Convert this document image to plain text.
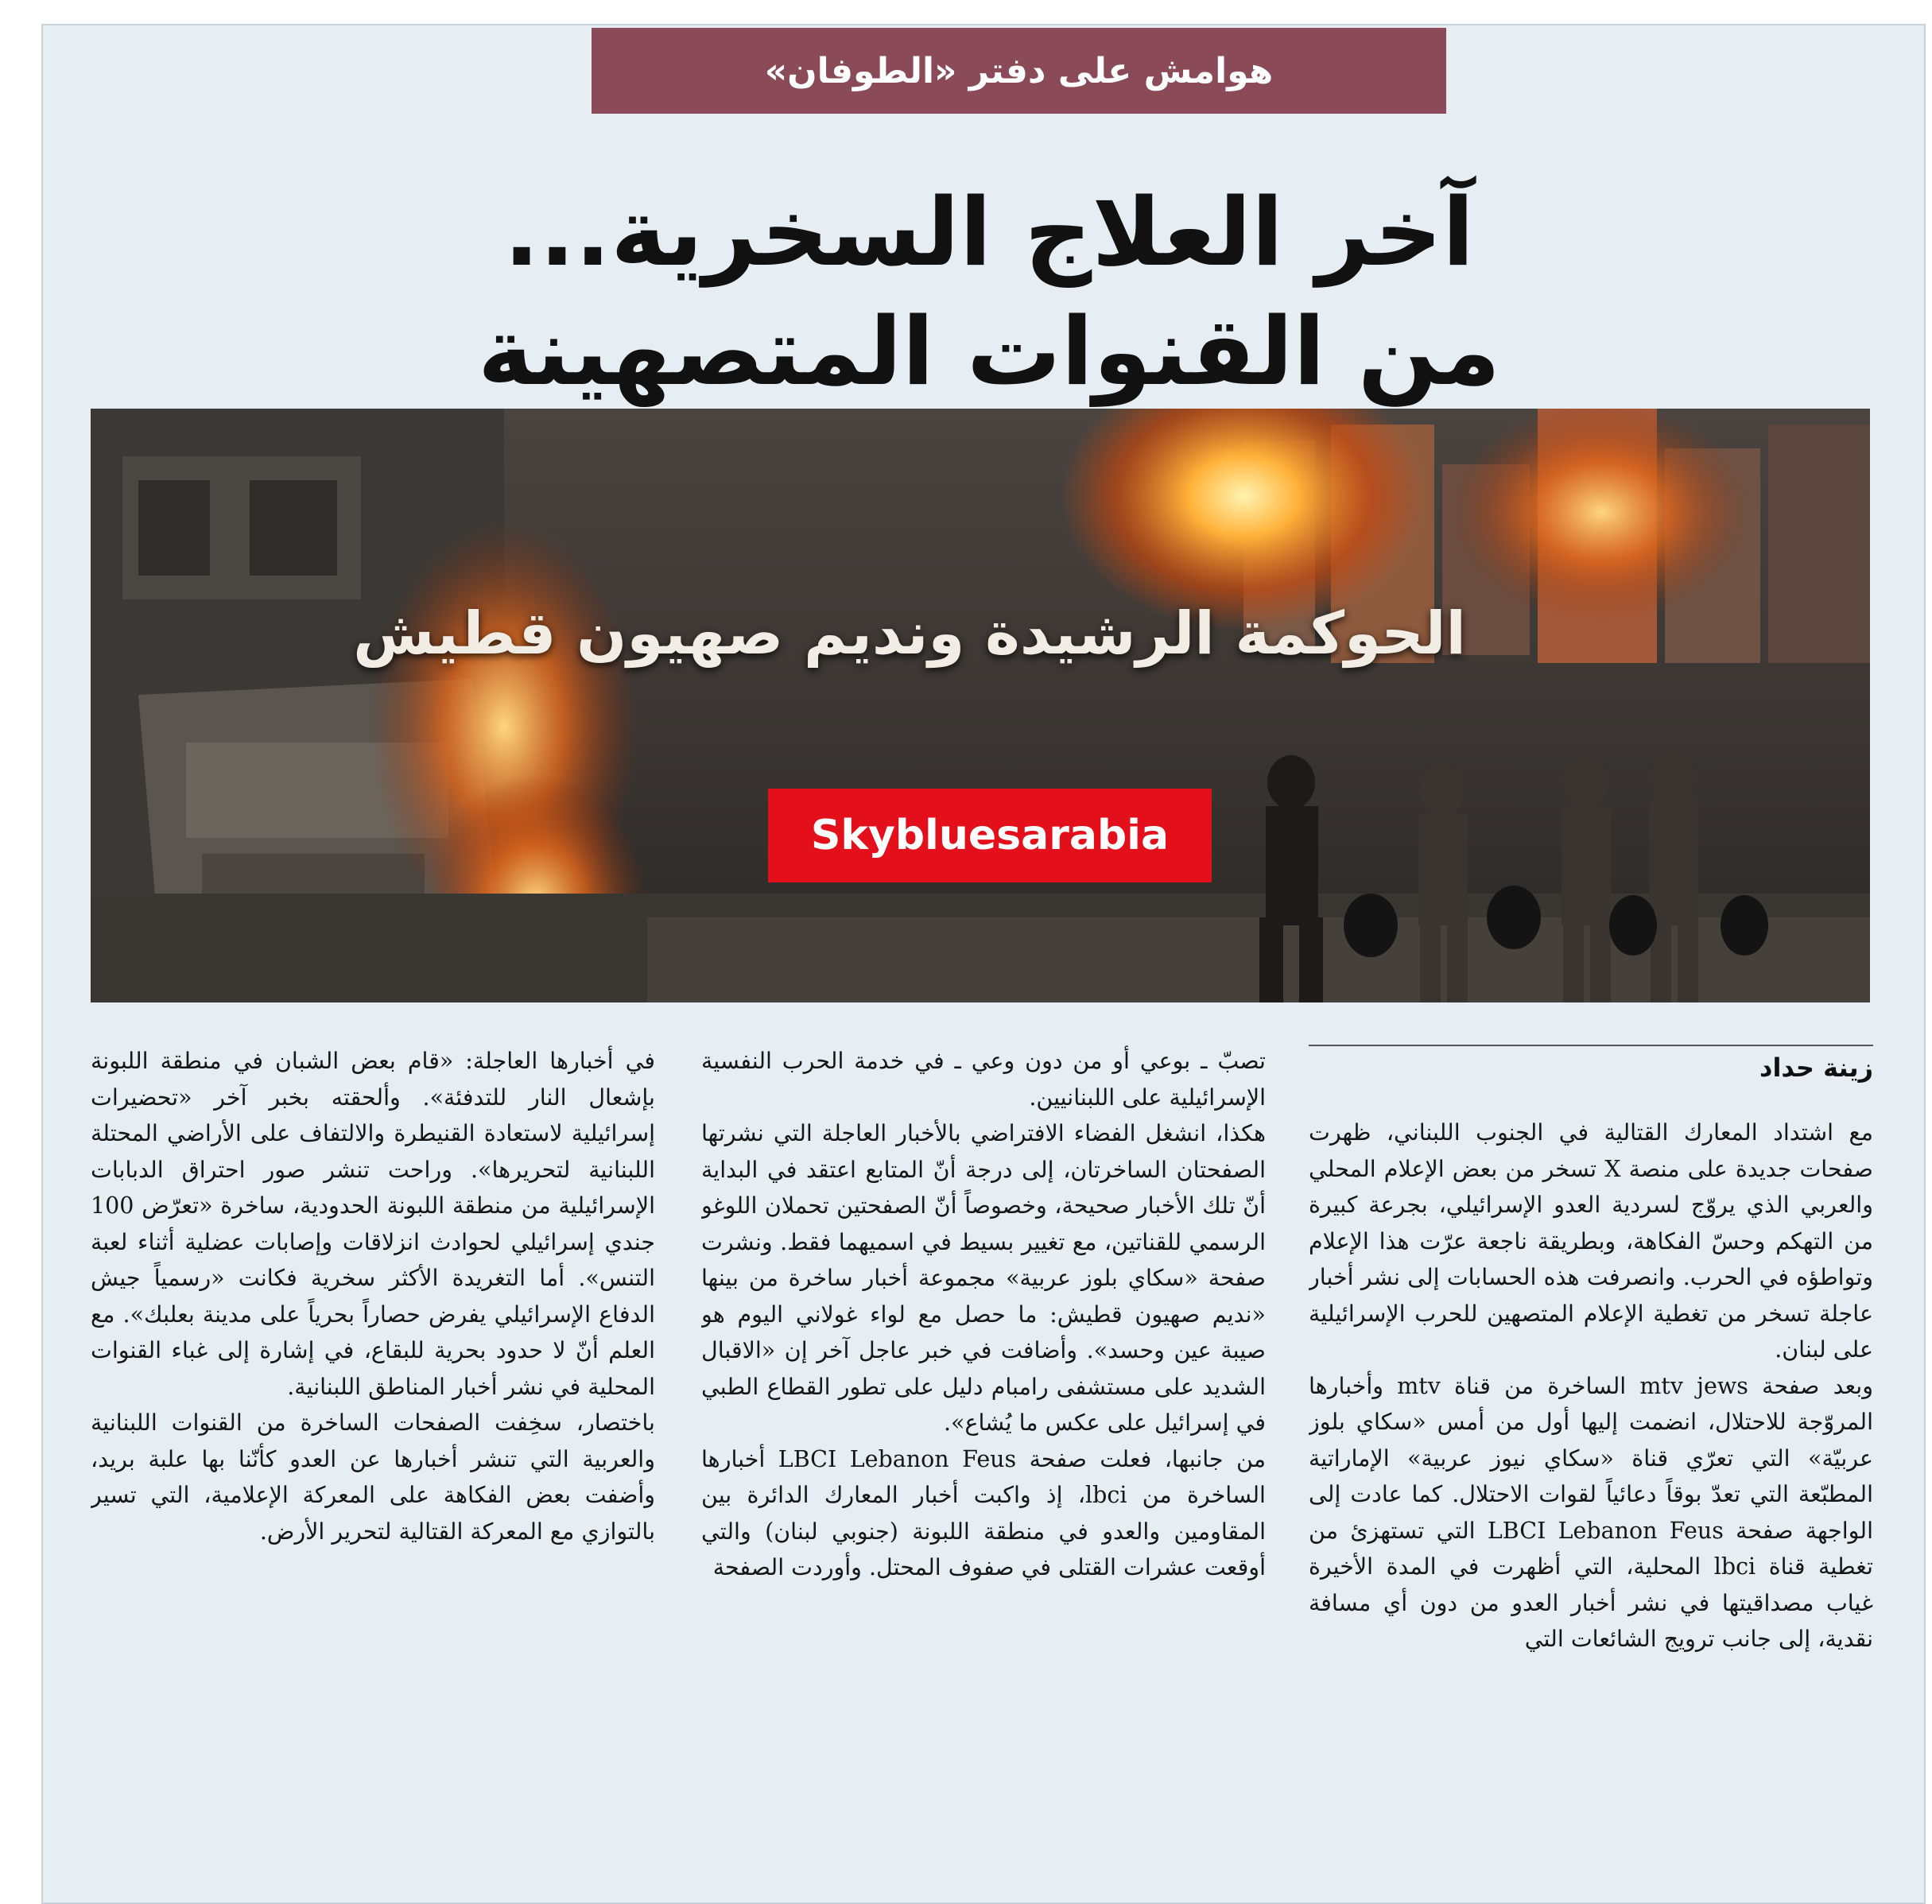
هوامش على دفتر «الطوفان»
آخر العلاج السخرية...
من القنوات المتصهينة
الحوكمة الرشيدة ونديم صهيون قطيش
Skybluesarabia
زينة حداد

مع اشتداد المعارك القتالية في الجنوب اللبناني، ظهرت صفحات جديدة على منصة X تسخر من بعض الإعلام المحلي والعربي الذي يروّج لسردية العدو الإسرائيلي، بجرعة كبيرة من التهكم وحسّ الفكاهة، وبطريقة ناجعة عرّت هذا الإعلام وتواطؤه في الحرب. وانصرفت هذه الحسابات إلى نشر أخبار عاجلة تسخر من تغطية الإعلام المتصهين للحرب الإسرائيلية على لبنان.

وبعد صفحة mtv jews الساخرة من قناة mtv وأخبارها المروّجة للاحتلال، انضمت إليها أول من أمس «سكاي بلوز عربيّة» التي تعرّي قناة «سكاي نيوز عربية» الإماراتية المطبّعة التي تعدّ بوقاً دعائياً لقوات الاحتلال. كما عادت إلى الواجهة صفحة LBCI Lebanon Feus التي تستهزئ من تغطية قناة lbci المحلية، التي أظهرت في المدة الأخيرة غياب مصداقيتها في نشر أخبار العدو من دون أي مسافة نقدية، إلى جانب ترويج الشائعات التي

تصبّ ـ بوعي أو من دون وعي ـ في خدمة الحرب النفسية الإسرائيلية على اللبنانيين.

هكذا، انشغل الفضاء الافتراضي بالأخبار العاجلة التي نشرتها الصفحتان الساخرتان، إلى درجة أنّ المتابع اعتقد في البداية أنّ تلك الأخبار صحيحة، وخصوصاً أنّ الصفحتين تحملان اللوغو الرسمي للقناتين، مع تغيير بسيط في اسميهما فقط. ونشرت صفحة «سكاي بلوز عربية» مجموعة أخبار ساخرة من بينها «نديم صهيون قطيش: ما حصل مع لواء غولاني اليوم هو صيبة عين وحسد». وأضافت في خبر عاجل آخر إن «الاقبال الشديد على مستشفى رامبام دليل على تطور القطاع الطبي في إسرائيل على عكس ما يُشاع».

من جانبها، فعلت صفحة LBCI Lebanon Feus أخبارها الساخرة من lbci، إذ واكبت أخبار المعارك الدائرة بين المقاومين والعدو في منطقة اللبونة (جنوبي لبنان) والتي أوقعت عشرات القتلى في صفوف المحتل. وأوردت الصفحة

في أخبارها العاجلة: «قام بعض الشبان في منطقة اللبونة بإشعال النار للتدفئة». وألحقته بخبر آخر «تحضيرات إسرائيلية لاستعادة القنيطرة والالتفاف على الأراضي المحتلة اللبنانية لتحريرها». وراحت تنشر صور احتراق الدبابات الإسرائيلية من منطقة اللبونة الحدودية، ساخرة «تعرّض 100 جندي إسرائيلي لحوادث انزلاقات وإصابات عضلية أثناء لعبة التنس». أما التغريدة الأكثر سخرية فكانت «رسمياً جيش الدفاع الإسرائيلي يفرض حصاراً بحرياً على مدينة بعلبك». مع العلم أنّ لا حدود بحرية للبقاع، في إشارة إلى غباء القنوات المحلية في نشر أخبار المناطق اللبنانية.

باختصار، سخِفت الصفحات الساخرة من القنوات اللبنانية والعربية التي تنشر أخبارها عن العدو كأنّنا بها علبة بريد، وأضفت بعض الفكاهة على المعركة الإعلامية، التي تسير بالتوازي مع المعركة القتالية لتحرير الأرض.
